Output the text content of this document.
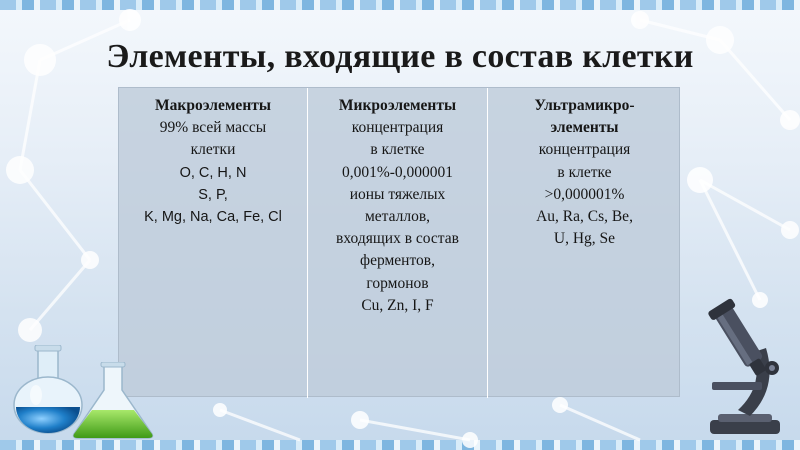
Элементы, входящие в состав клетки
Макроэлементы
99% всей массы
клетки
O, C, H, N
S, P,
K, Mg, Na, Ca, Fe, Cl
Микроэлементы
концентрация
в клетке
0,001%-0,000001
ионы тяжелых
металлов,
входящих в состав
ферментов,
гормонов
Cu, Zn, I, F
Ультрамикро-
элементы
концентрация
в клетке
>0,000001%
Au, Ra, Cs, Be,
U, Hg, Se
